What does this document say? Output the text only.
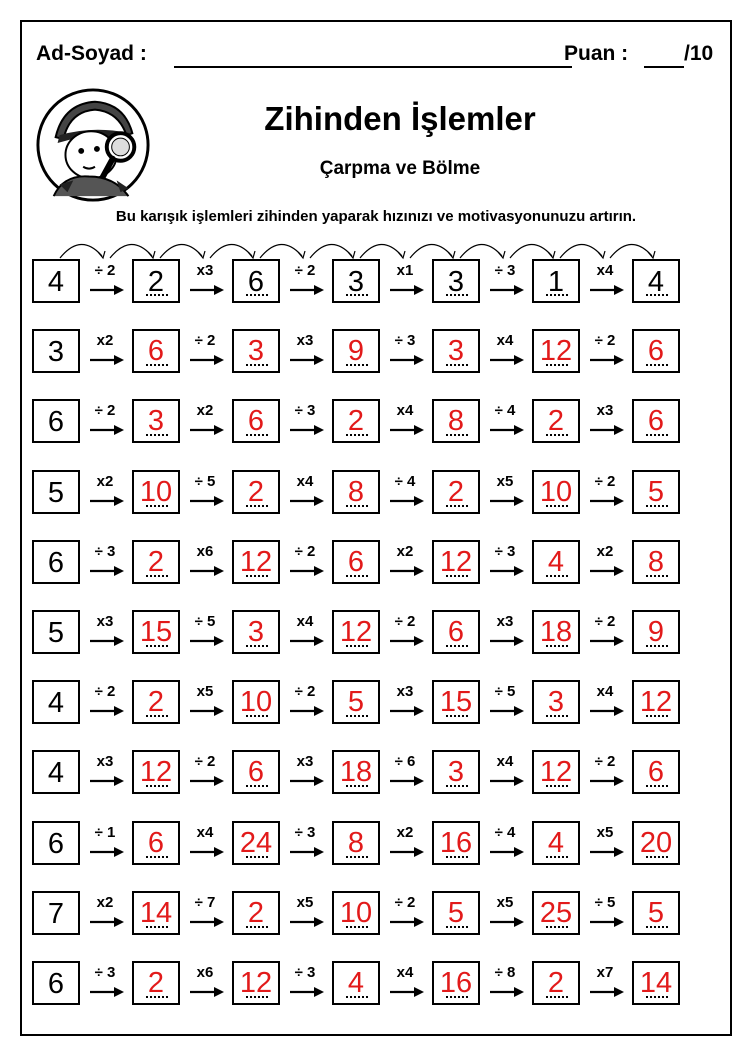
Ad-Soyad :	Puan :	/10
Zihinden İşlemler
Çarpma ve Bölme
Bu karışık işlemleri zihinden yaparak hızınızı ve motivasyonunuzu artırın.
4	÷ 2	2	x3	6	÷ 2	3	x1	3	÷ 3	1	x4	4
3	x2	6	÷ 2	3	x3	9	÷ 3	3	x4 12	÷ 2	6
6	÷ 2	3	x2	6	÷ 3	2	x4	8	÷ 4	2	x3	6
5	x2 10	÷ 5	2	x4	8	÷ 4	2	x5 10	÷ 2	5
6	÷ 3	2	x6 12	÷ 2	6	x2 12	÷ 3	4	x2	8
5	x3 15	÷ 5	3	x4 12	÷ 2	6	x3 18	÷ 2	9
4	÷ 2	2	x5 10	÷ 2	5	x3 15	÷ 5	3	x4 12
4	x3 12	÷ 2	6	x3 18	÷ 6	3	x4 12	÷ 2	6
6	÷ 1	6	x4 24	÷ 3	8	x2 16	÷ 4	4	x5 20
7	x2 14	÷ 7	2	x5 10	÷ 2	5	x5 25	÷ 5	5
6	÷ 3	2	x6 12	÷ 3	4	x4 16	÷ 8	2	x7 14
